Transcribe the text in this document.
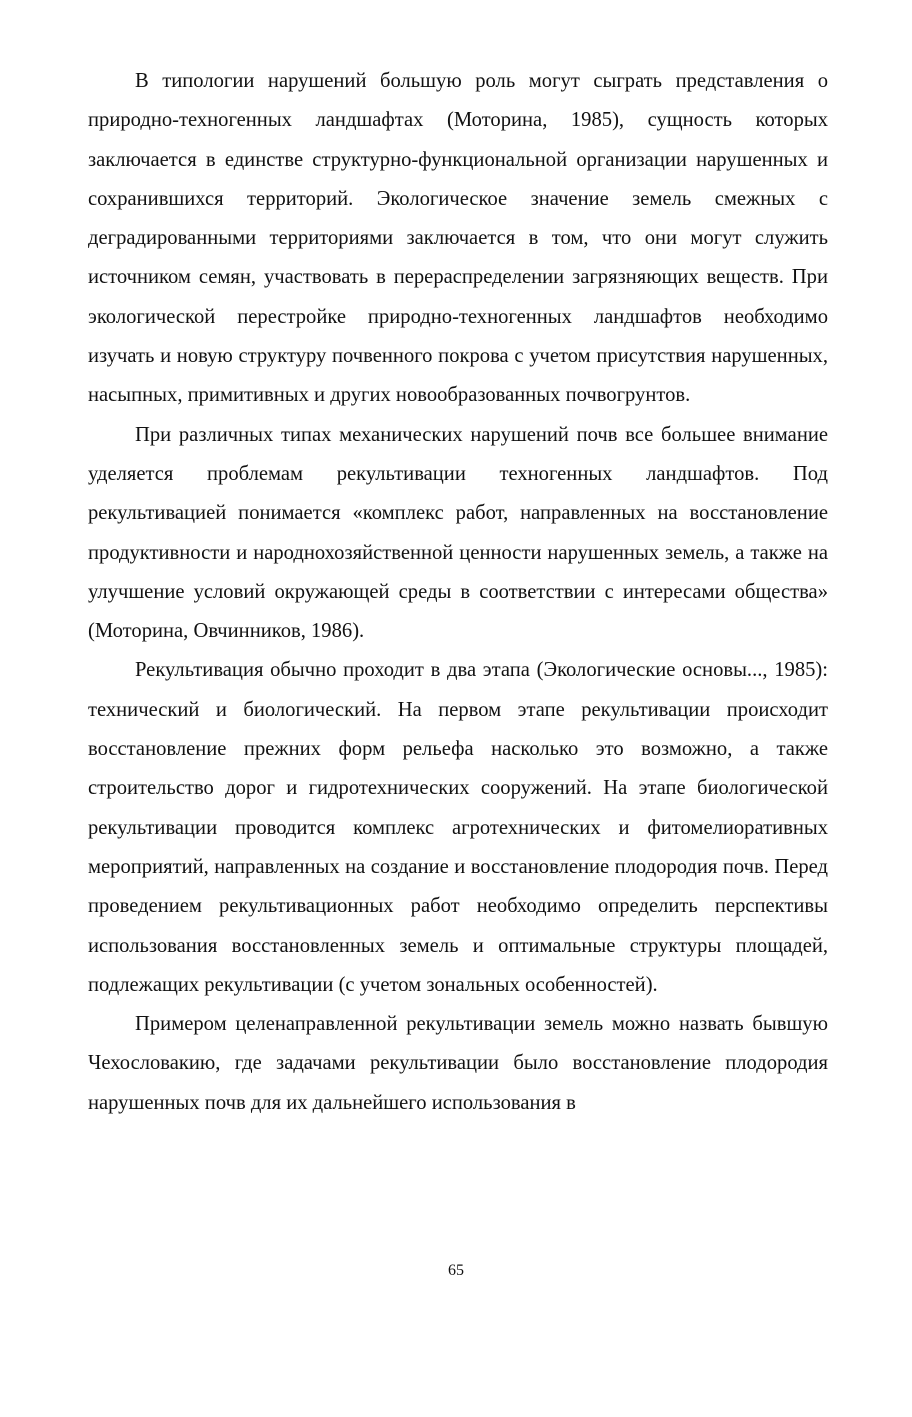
В типологии нарушений большую роль могут сыграть представления о природно-техногенных ландшафтах (Моторина, 1985), сущность которых заключается в единстве структурно-функциональной организации нарушенных и сохранившихся территорий. Экологическое значение земель смежных с деградированными территориями заключается в том, что они могут служить источником семян, участвовать в перераспределении загрязняющих веществ. При экологической перестройке природно-техногенных ландшафтов необходимо изучать и новую структуру почвенного покрова с учетом присутствия нарушенных, насыпных, примитивных и других новообразованных почвогрунтов.

При различных типах механических нарушений почв все большее внимание уделяется проблемам рекультивации техногенных ландшафтов. Под рекультивацией понимается «комплекс работ, направленных на восстановление продуктивности и народнохозяйственной ценности нарушенных земель, а также на улучшение условий окружающей среды в соответствии с интересами общества» (Моторина, Овчинников, 1986).

Рекультивация обычно проходит в два этапа (Экологические основы..., 1985): технический и биологический. На первом этапе рекультивации происходит восстановление прежних форм рельефа насколько это возможно, а также строительство дорог и гидротехнических сооружений. На этапе биологической рекультивации проводится комплекс агротехнических и фитомелиоративных мероприятий, направленных на создание и восстановление плодородия почв. Перед проведением рекультивационных работ необходимо определить перспективы использования восстановленных земель и оптимальные структуры площадей, подлежащих рекультивации (с учетом зональных особенностей).

Примером целенаправленной рекультивации земель можно назвать бывшую Чехословакию, где задачами рекультивации было восстановление плодородия нарушенных почв для их дальнейшего использования в

65
